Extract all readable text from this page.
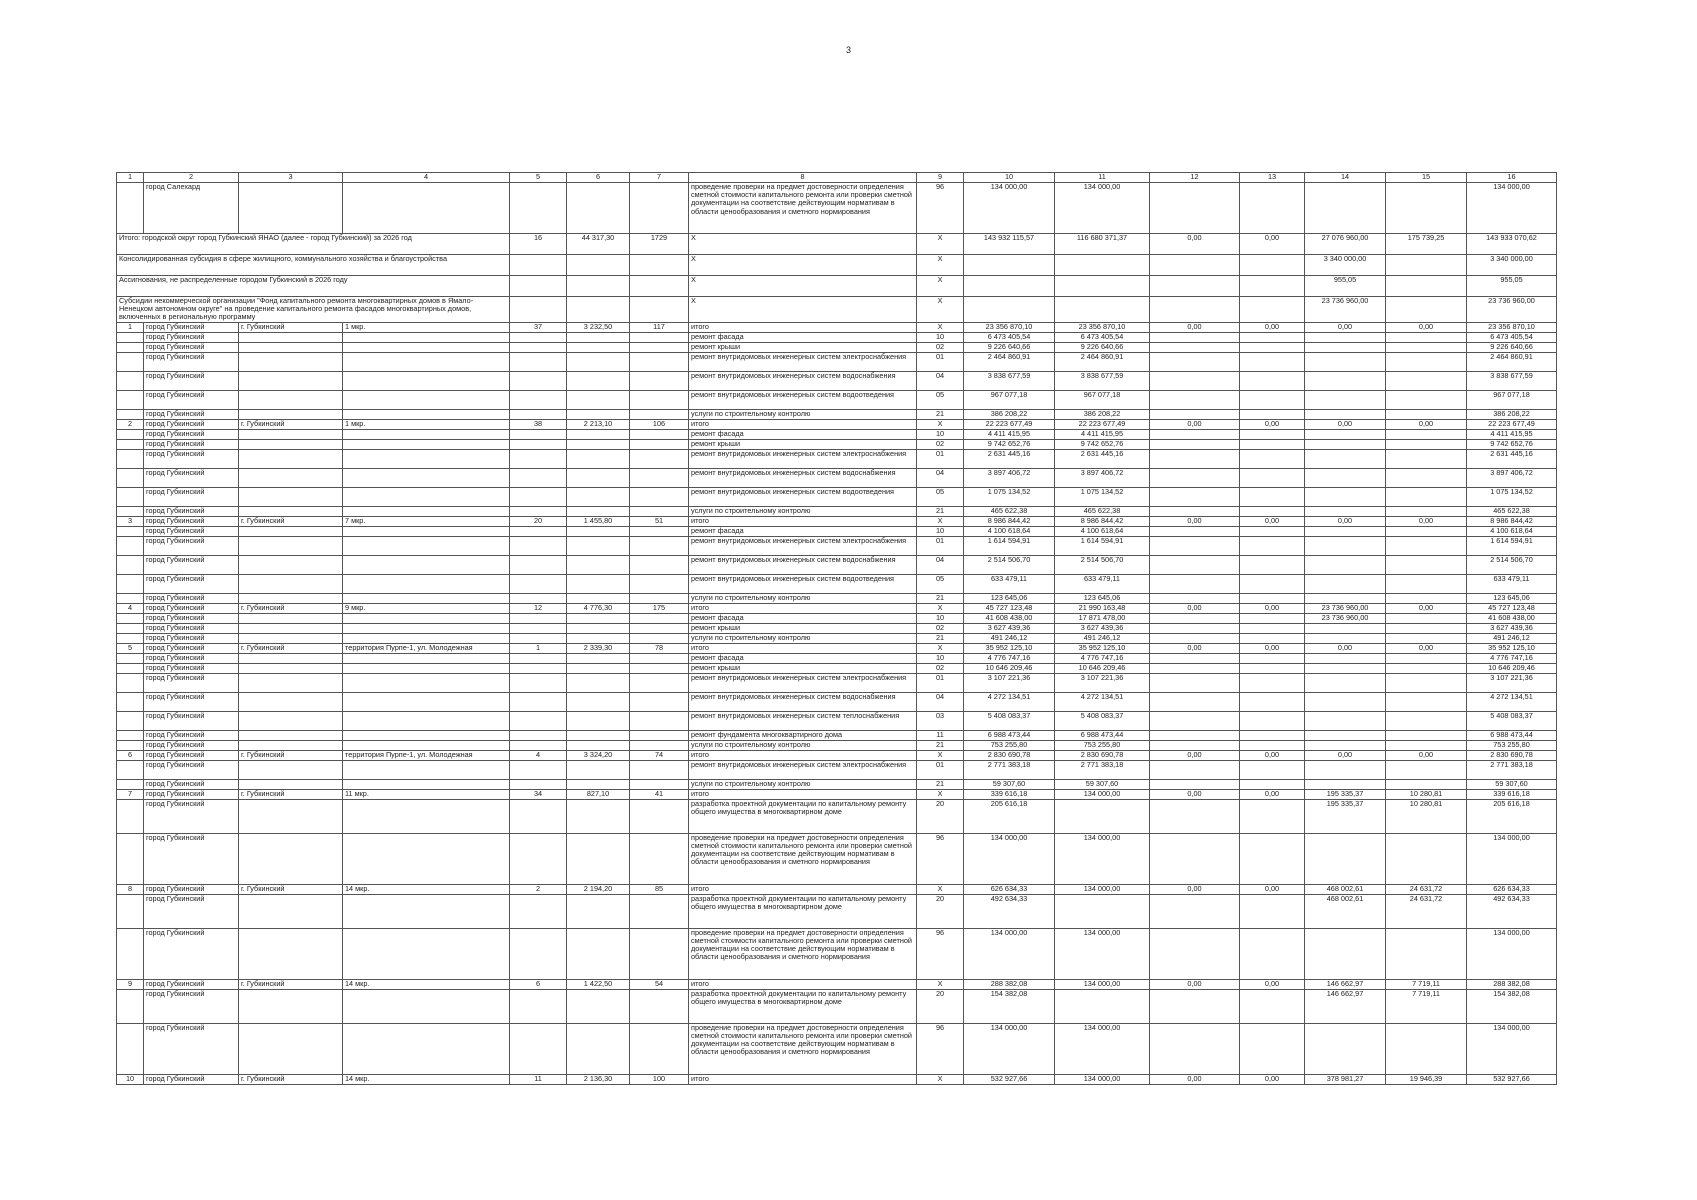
3
1	2	3	4	5	6	7	8	9	10	11	12	13	14	15	16
	город Салехард						проведение проверки на предмет достоверности определения сметной стоимости капитального ремонта или проверки сметной документации на соответствие действующим нормативам в области ценообразования и сметного нормирования	96	134 000,00	134 000,00					134 000,00
Итого: городской округ город Губкинский ЯНАО (далее - город Губкинский) за 2026 год				16	44 317,30	1729	X	X	143 932 115,57	116 680 371,37	0,00	0,00	27 076 960,00	175 739,25	143 933 070,62
Консолидированная субсидия в сфере жилищного, коммунального хозяйства и благоустройства							X	X					3 340 000,00		3 340 000,00
Ассигнования, не распределенные городом Губкинский в 2026 году							X	X					955,05		955,05
Субсидии некоммерческой организации "Фонд капитального ремонта многоквартирных домов в Ямало-Ненецком автономном округе" на проведение капитального ремонта фасадов многоквартирных домов, включенных в региональную программу							X	X					23 736 960,00		23 736 960,00
1	город Губкинский	г. Губкинский	1 мкр.	37	3 232,50	117	итого	X	23 356 870,10	23 356 870,10	0,00	0,00	0,00	0,00	23 356 870,10
	город Губкинский						ремонт фасада	10	6 473 405,54	6 473 405,54					6 473 405,54
	город Губкинский						ремонт крыши	02	9 226 640,66	9 226 640,66					9 226 640,66
	город Губкинский						ремонт внутридомовых инженерных систем электроснабжения	01	2 464 860,91	2 464 860,91					2 464 860,91
	город Губкинский						ремонт внутридомовых инженерных систем водоснабжения	04	3 838 677,59	3 838 677,59					3 838 677,59
	город Губкинский						ремонт внутридомовых инженерных систем водоотведения	05	967 077,18	967 077,18					967 077,18
	город Губкинский						услуги по строительному контролю	21	386 208,22	386 208,22					386 208,22
2	город Губкинский	г. Губкинский	1 мкр.	38	2 213,10	106	итого	X	22 223 677,49	22 223 677,49	0,00	0,00	0,00	0,00	22 223 677,49
	город Губкинский						ремонт фасада	10	4 411 415,95	4 411 415,95					4 411 415,95
	город Губкинский						ремонт крыши	02	9 742 652,76	9 742 652,76					9 742 652,76
	город Губкинский						ремонт внутридомовых инженерных систем электроснабжения	01	2 631 445,16	2 631 445,16					2 631 445,16
	город Губкинский						ремонт внутридомовых инженерных систем водоснабжения	04	3 897 406,72	3 897 406,72					3 897 406,72
	город Губкинский						ремонт внутридомовых инженерных систем водоотведения	05	1 075 134,52	1 075 134,52					1 075 134,52
	город Губкинский						услуги по строительному контролю	21	465 622,38	465 622,38					465 622,38
3	город Губкинский	г. Губкинский	7 мкр.	20	1 455,80	51	итого	X	8 986 844,42	8 986 844,42	0,00	0,00	0,00	0,00	8 986 844,42
	город Губкинский						ремонт фасада	10	4 100 618,64	4 100 618,64					4 100 618,64
	город Губкинский						ремонт внутридомовых инженерных систем электроснабжения	01	1 614 594,91	1 614 594,91					1 614 594,91
	город Губкинский						ремонт внутридомовых инженерных систем водоснабжения	04	2 514 506,70	2 514 506,70					2 514 506,70
	город Губкинский						ремонт внутридомовых инженерных систем водоотведения	05	633 479,11	633 479,11					633 479,11
	город Губкинский						услуги по строительному контролю	21	123 645,06	123 645,06					123 645,06
4	город Губкинский	г. Губкинский	9 мкр.	12	4 776,30	175	итого	X	45 727 123,48	21 990 163,48	0,00	0,00	23 736 960,00	0,00	45 727 123,48
	город Губкинский						ремонт фасада	10	41 608 438,00	17 871 478,00			23 736 960,00		41 608 438,00
	город Губкинский						ремонт крыши	02	3 627 439,36	3 627 439,36					3 627 439,36
	город Губкинский						услуги по строительному контролю	21	491 246,12	491 246,12					491 246,12
5	город Губкинский	г. Губкинский	территория Пурпе-1, ул. Молодежная	1	2 339,30	78	итого	X	35 952 125,10	35 952 125,10	0,00	0,00	0,00	0,00	35 952 125,10
	город Губкинский						ремонт фасада	10	4 776 747,16	4 776 747,16					4 776 747,16
	город Губкинский						ремонт крыши	02	10 646 209,46	10 646 209,46					10 646 209,46
	город Губкинский						ремонт внутридомовых инженерных систем электроснабжения	01	3 107 221,36	3 107 221,36					3 107 221,36
	город Губкинский						ремонт внутридомовых инженерных систем водоснабжения	04	4 272 134,51	4 272 134,51					4 272 134,51
	город Губкинский						ремонт внутридомовых инженерных систем теплоснабжения	03	5 408 083,37	5 408 083,37					5 408 083,37
	город Губкинский						ремонт фундамента многоквартирного дома	11	6 988 473,44	6 988 473,44					6 988 473,44
	город Губкинский						услуги по строительному контролю	21	753 255,80	753 255,80					753 255,80
6	город Губкинский	г. Губкинский	территория Пурпе-1, ул. Молодежная	4	3 324,20	74	итого	X	2 830 690,78	2 830 690,78	0,00	0,00	0,00	0,00	2 830 690,78
	город Губкинский						ремонт внутридомовых инженерных систем электроснабжения	01	2 771 383,18	2 771 383,18					2 771 383,18
	город Губкинский						услуги по строительному контролю	21	59 307,60	59 307,60					59 307,60
7	город Губкинский	г. Губкинский	11 мкр.	34	827,10	41	итого	X	339 616,18	134 000,00	0,00	0,00	195 335,37	10 280,81	339 616,18
	город Губкинский						разработка проектной документации по капитальному ремонту общего имущества в многоквартирном доме	20	205 616,18				195 335,37	10 280,81	205 616,18
	город Губкинский						проведение проверки на предмет достоверности определения сметной стоимости капитального ремонта или проверки сметной документации на соответствие действующим нормативам в области ценообразования и сметного нормирования	96	134 000,00	134 000,00					134 000,00
8	город Губкинский	г. Губкинский	14 мкр.	2	2 194,20	85	итого	X	626 634,33	134 000,00	0,00	0,00	468 002,61	24 631,72	626 634,33
	город Губкинский						разработка проектной документации по капитальному ремонту общего имущества в многоквартирном доме	20	492 634,33				468 002,61	24 631,72	492 634,33
	город Губкинский						проведение проверки на предмет достоверности определения сметной стоимости капитального ремонта или проверки сметной документации на соответствие действующим нормативам в области ценообразования и сметного нормирования	96	134 000,00	134 000,00					134 000,00
9	город Губкинский	г. Губкинский	14 мкр.	6	1 422,50	54	итого	X	288 382,08	134 000,00	0,00	0,00	146 662,97	7 719,11	288 382,08
	город Губкинский						разработка проектной документации по капитальному ремонту общего имущества в многоквартирном доме	20	154 382,08				146 662,97	7 719,11	154 382,08
	город Губкинский						проведение проверки на предмет достоверности определения сметной стоимости капитального ремонта или проверки сметной документации на соответствие действующим нормативам в области ценообразования и сметного нормирования	96	134 000,00	134 000,00					134 000,00
10	город Губкинский	г. Губкинский	14 мкр.	11	2 136,30	100	итого	X	532 927,66	134 000,00	0,00	0,00	378 981,27	19 946,39	532 927,66
